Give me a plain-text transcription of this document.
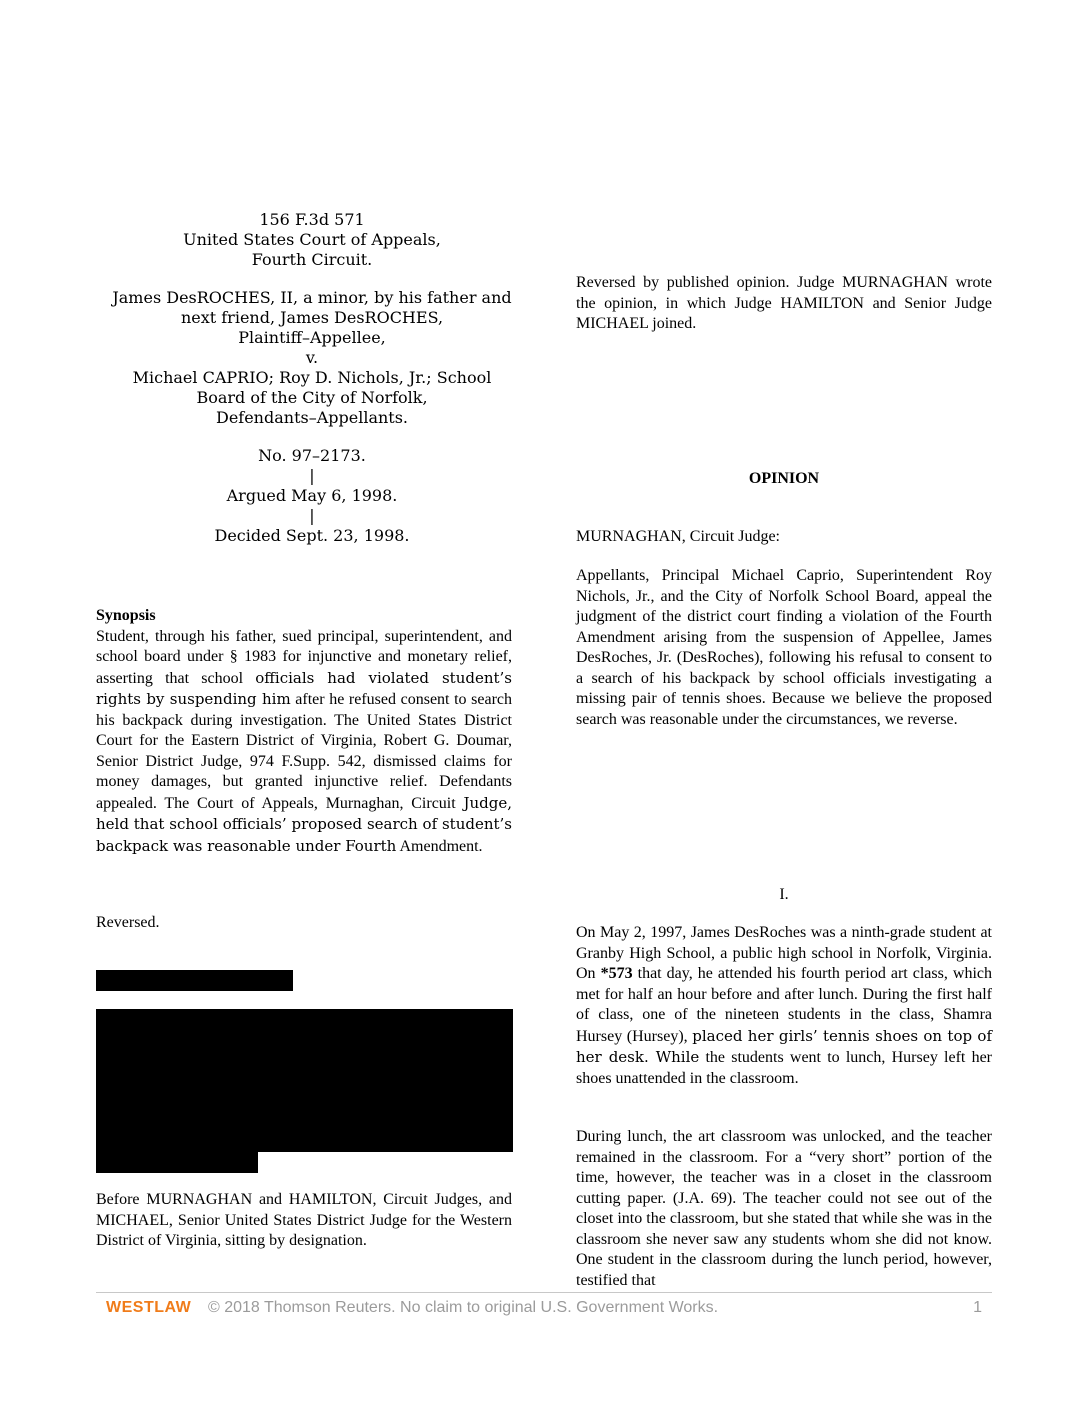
156 F.3d 571
United States Court of Appeals,
Fourth Circuit.
James DesROCHES, II, a minor, by his father and
next friend, James DesROCHES,
Plaintiff–Appellee,
v.
Michael CAPRIO; Roy D. Nichols, Jr.; School
Board of the City of Norfolk,
Defendants–Appellants.
No. 97–2173.
|
Argued May 6, 1998.
|
Decided Sept. 23, 1998.
Synopsis
Student, through his father, sued principal, superintendent, and school board under § 1983 for injunctive and monetary relief, asserting that school officials had violated student’s rights by suspending him after he refused consent to search his backpack during investigation. The United States District Court for the Eastern District of Virginia, Robert G. Doumar, Senior District Judge, 974 F.Supp. 542, dismissed claims for money damages, but granted injunctive relief. Defendants appealed. The Court of Appeals, Murnaghan, Circuit Judge, held that school officials’ proposed search of student’s backpack was reasonable under Fourth Amendment.
Reversed.
Before MURNAGHAN and HAMILTON, Circuit Judges, and MICHAEL, Senior United States District Judge for the Western District of Virginia, sitting by designation.
Reversed by published opinion. Judge MURNAGHAN wrote the opinion, in which Judge HAMILTON and Senior Judge MICHAEL joined.
OPINION
MURNAGHAN, Circuit Judge:
Appellants, Principal Michael Caprio, Superintendent Roy Nichols, Jr., and the City of Norfolk School Board, appeal the judgment of the district court finding a violation of the Fourth Amendment arising from the suspension of Appellee, James DesRoches, Jr. (DesRoches), following his refusal to consent to a search of his backpack by school officials investigating a missing pair of tennis shoes. Because we believe the proposed search was reasonable under the circumstances, we reverse.
I.
On May 2, 1997, James DesRoches was a ninth-grade student at Granby High School, a public high school in Norfolk, Virginia. On *573 that day, he attended his fourth period art class, which met for half an hour before and after lunch. During the first half of class, one of the nineteen students in the class, Shamra Hursey (Hursey), placed her girls’ tennis shoes on top of her desk. While the students went to lunch, Hursey left her shoes unattended in the classroom.
During lunch, the art classroom was unlocked, and the teacher remained in the classroom. For a “very short” portion of the time, however, the teacher was in a closet in the classroom cutting paper. (J.A. 69). The teacher could not see out of the closet into the classroom, but she stated that while she was in the classroom she never saw any students whom she did not know. One student in the classroom during the lunch period, however, testified that
WESTLAW © 2018 Thomson Reuters. No claim to original U.S. Government Works.	1
